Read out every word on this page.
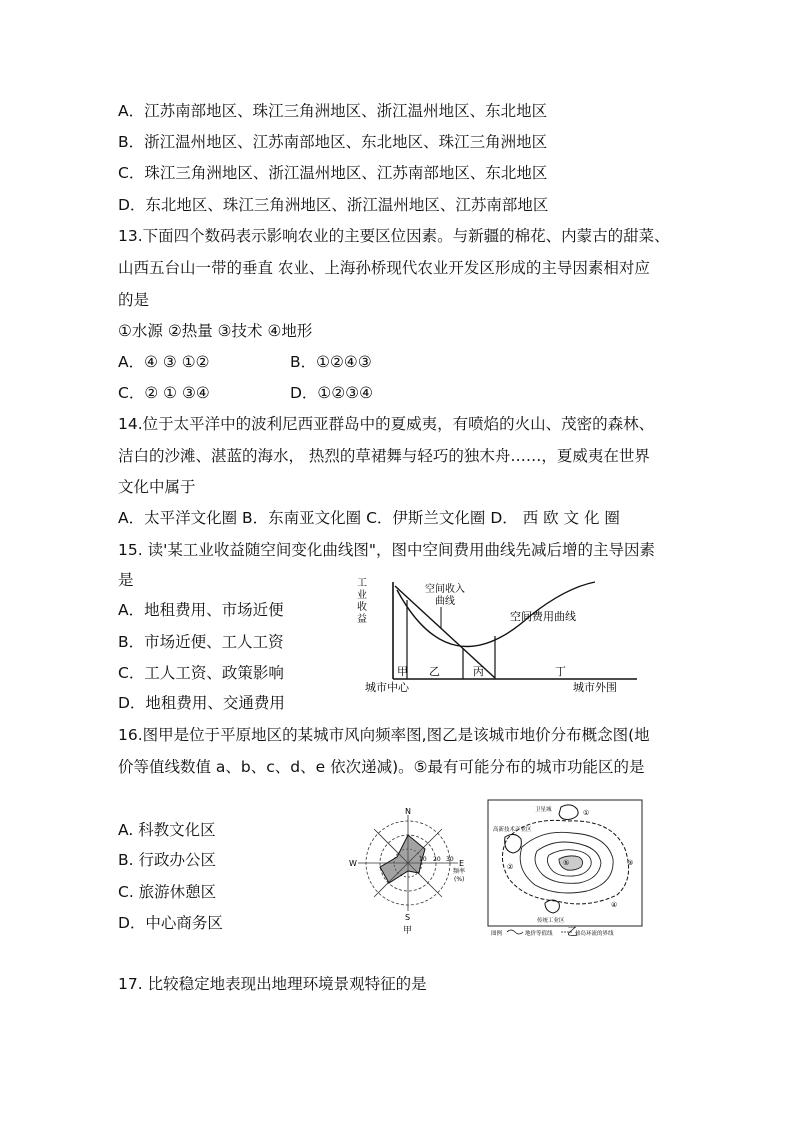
A．江苏南部地区、珠江三角洲地区、浙江温州地区、东北地区
B．浙江温州地区、江苏南部地区、东北地区、珠江三角洲地区
C．珠江三角洲地区、浙江温州地区、江苏南部地区、东北地区
D．东北地区、珠江三角洲地区、浙江温州地区、江苏南部地区
13.下面四个数码表示影响农业的主要区位因素。与新疆的棉花、内蒙古的甜菜、
山西五台山一带的垂直 农业、上海孙桥现代农业开发区形成的主导因素相对应
的是
①水源 ②热量 ③技术 ④地形
A．④ ③ ①②	B．①②④③
C．② ① ③④	D．①②③④
14.位于太平洋中的波利尼西亚群岛中的夏威夷，有喷焰的火山、茂密的森林、
洁白的沙滩、湛蓝的海水， 热烈的草裙舞与轻巧的独木舟……，夏威夷在世界
文化中属于
A．太平洋文化圈 B．东南亚文化圈 C．伊斯兰文化圈 D． 西 欧 文 化 圈
15. 读'某工业收益随空间变化曲线图"，图中空间费用曲线先减后增的主导因素
是
A．地租费用、市场近便
B．市场近便、工人工资
C．工人工资、政策影响
D．地租费用、交通费用
工
业
收
益
空间收入
曲线
空间费用曲线
甲 乙	丙	丁
城市中心	城市外围
16.图甲是位于平原地区的某城市风向频率图,图乙是该城市地价分布概念图(地
价等值线数值 a、b、c、d、e 依次递减)。⑤最有可能分布的城市功能区的是
A. 科教文化区
B. 行政办公区
C. 旅游休憩区
D．中心商务区
N
S
E
W	10 20 30
频率
(%)
甲
卫星城	①
高新技术产业区
②	③
④
⑤
传统工业区
图例	地价等值线	热岛环流的界线
乙
17. 比较稳定地表现出地理环境景观特征的是
